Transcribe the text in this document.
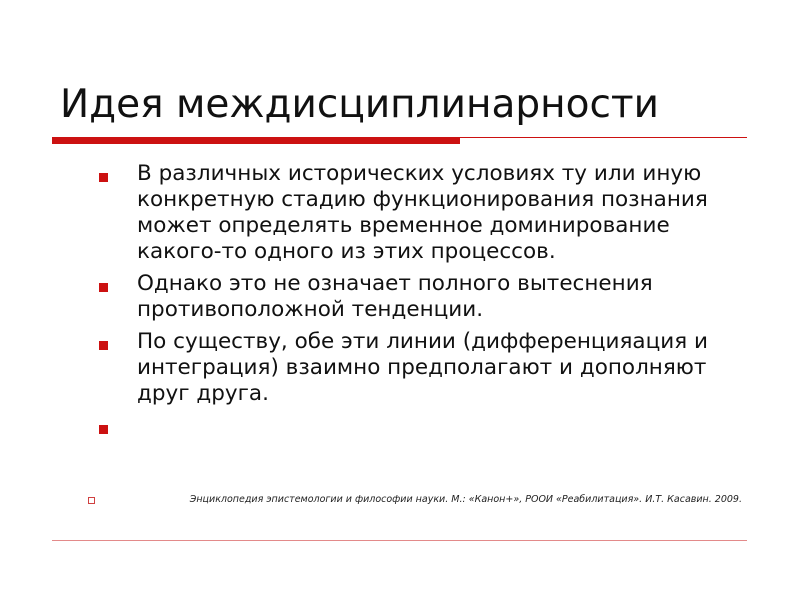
Идея междисциплинарности
В различных исторических условиях ту или иную конкретную стадию функционирования познания может определять временное доминирование какого-то одного из этих процессов.
Однако это не означает полного вытеснения противоположной тенденции.
По существу, обе эти линии (дифференцияация и интеграция) взаимно предполагают и дополняют друг друга.
Энциклопедия эпистемологии и философии науки. М.: «Канон+», РООИ «Реабилитация». И.Т. Касавин. 2009.
